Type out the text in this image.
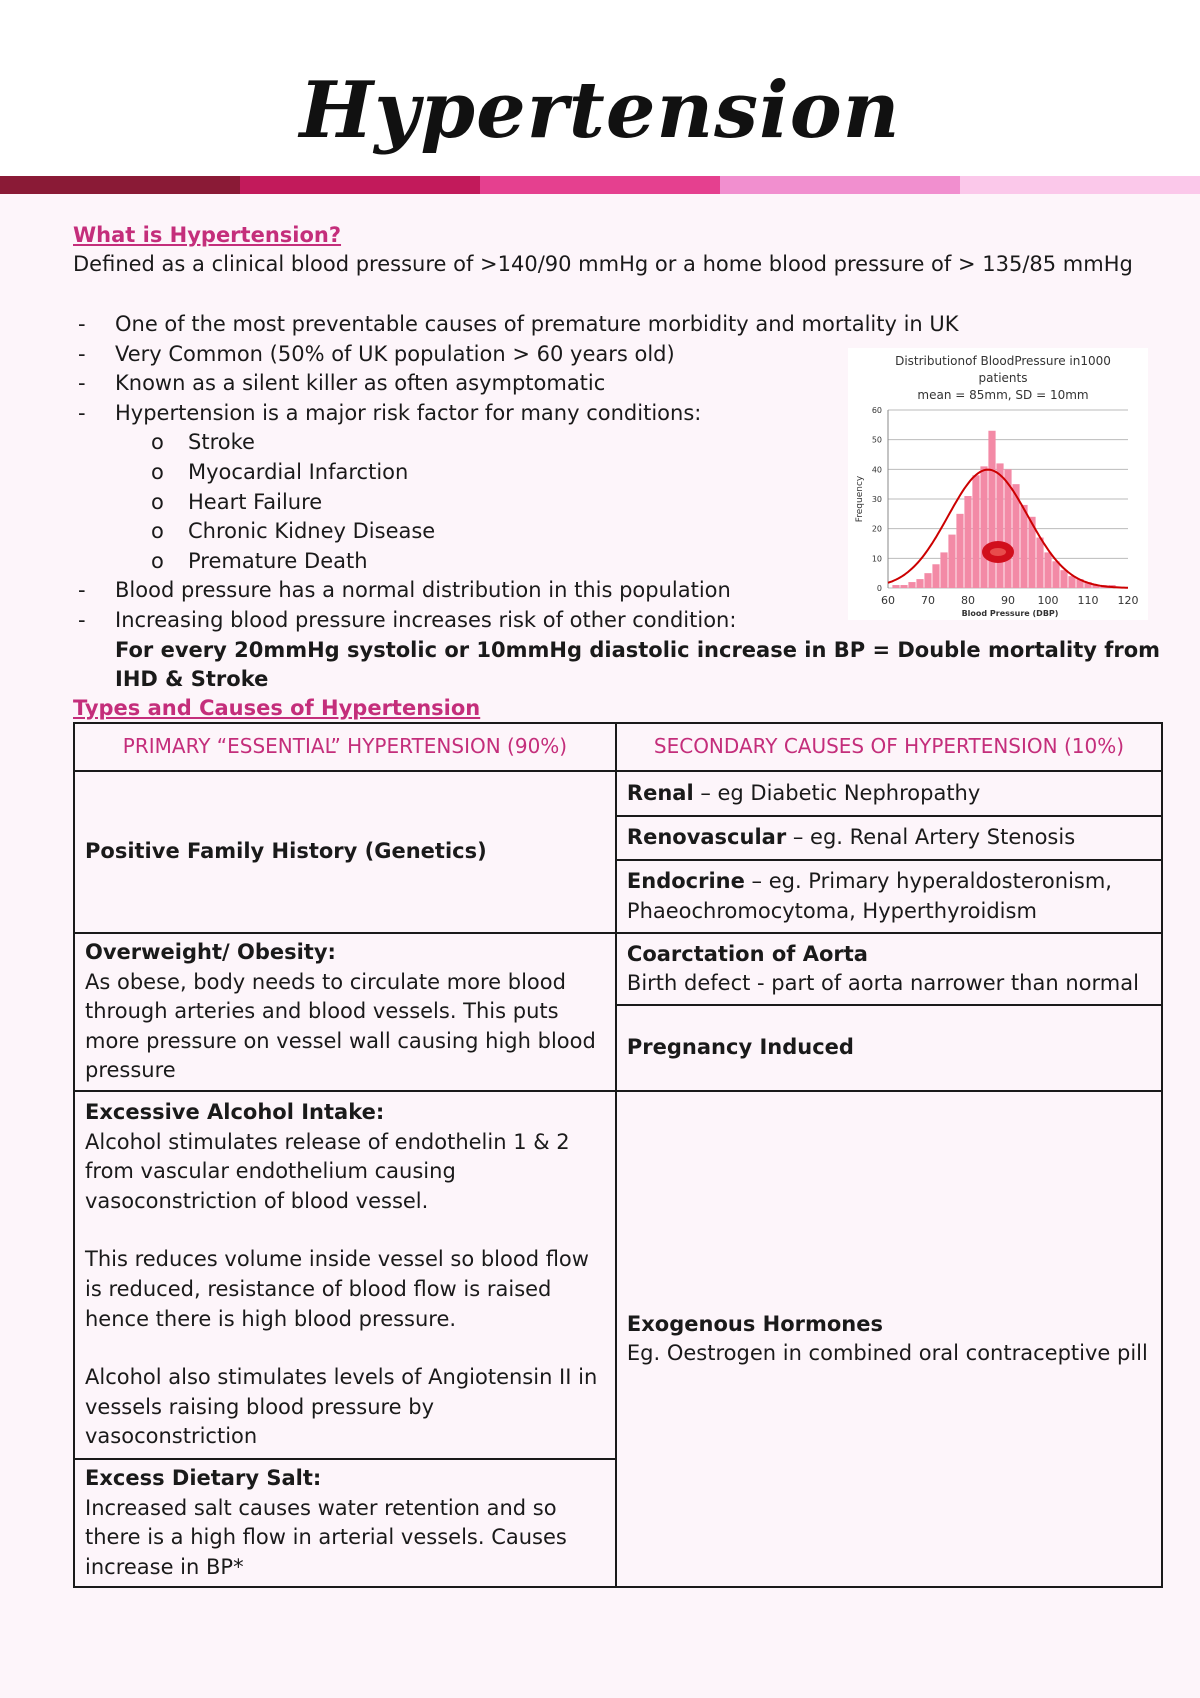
Hypertension
What is Hypertension?

Defined as a clinical blood pressure of >140/90 mmHg or a home blood pressure of > 135/85 mmHg

- One of the most preventable causes of premature morbidity and mortality in UK
- Very Common (50% of UK population > 60 years old)
- Known as a silent killer as often asymptomatic
- Hypertension is a major risk factor for many conditions:
o Stroke
o Myocardial Infarction
o Heart Failure
o Chronic Kidney Disease
o Premature Death
- Blood pressure has a normal distribution in this population
- Increasing blood pressure increases risk of other condition:
For every 20mmHg systolic or 10mmHg diastolic increase in BP = Double mortality from IHD & Stroke
Distributionof BloodPressure in1000
patients
mean = 85mm, SD = 10mm
0
10
20
30
40
50
60
60 70 80 90 100 110 120
Frequency
Blood Pressure (DBP)
Types and Causes of Hypertension
PRIMARY “ESSENTIAL” HYPERTENSION (90%)	SECONDARY CAUSES OF HYPERTENSION (10%)
Positive Family History (Genetics)	Renal – eg Diabetic Nephropathy
	Renovascular – eg. Renal Artery Stenosis
	Endocrine – eg. Primary hyperaldosteronism, Phaeochromocytoma, Hyperthyroidism

Overweight/ Obesity:
As obese, body needs to circulate more blood through arteries and blood vessels. This puts more pressure on vessel wall causing high blood pressure	Coarctation of Aorta
Birth defect - part of aorta narrower than normal
	Pregnancy Induced

Excessive Alcohol Intake:
Alcohol stimulates release of endothelin 1 & 2 from vascular endothelium causing vasoconstriction of blood vessel.
This reduces volume inside vessel so blood flow is reduced, resistance of blood flow is raised hence there is high blood pressure.
Alcohol also stimulates levels of Angiotensin II in vessels raising blood pressure by vasoconstriction	Exogenous Hormones
Eg. Oestrogen in combined oral contraceptive pill

Excess Dietary Salt:
Increased salt causes water retention and so there is a high flow in arterial vessels. Causes increase in BP*	
